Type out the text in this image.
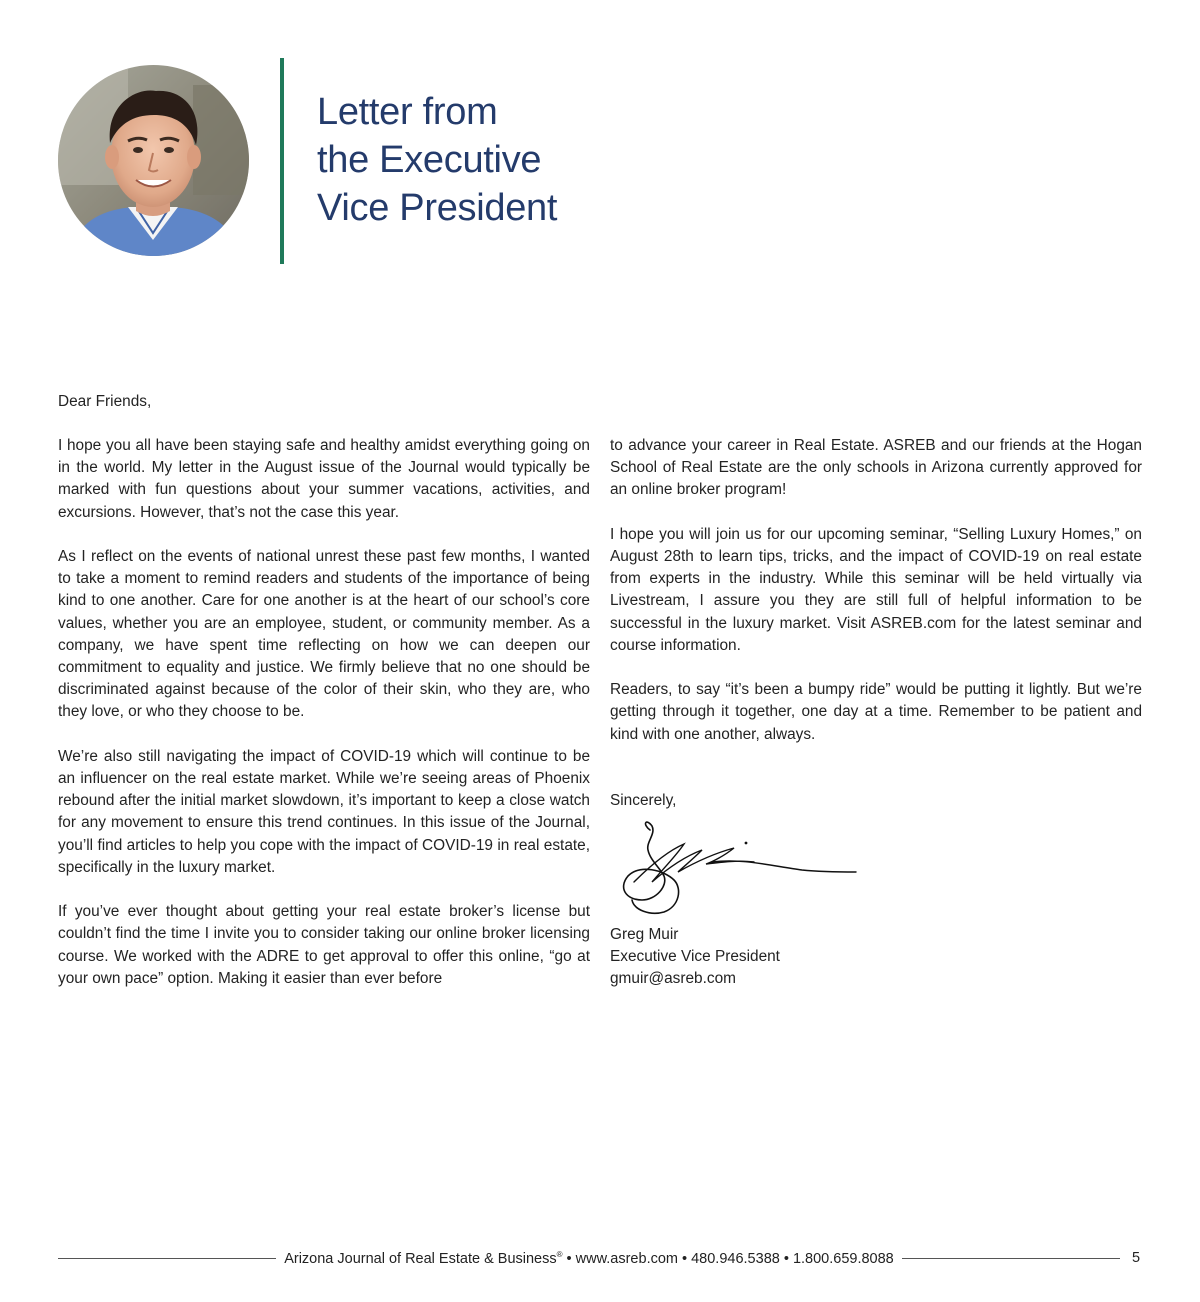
Letter from
the Executive
Vice President
Dear Friends,

I hope you all have been staying safe and healthy amidst everything going on in the world. My letter in the August issue of the Journal would typically be marked with fun questions about your summer vacations, activities, and excursions. However, that’s not the case this year.

As I reflect on the events of national unrest these past few months, I wanted to take a moment to remind readers and students of the importance of being kind to one another. Care for one another is at the heart of our school’s core values, whether you are an employee, student, or community member. As a company, we have spent time reflecting on how we can deepen our commitment to equality and justice. We firmly believe that no one should be discriminated against because of the color of their skin, who they are, who they love, or who they choose to be.

We’re also still navigating the impact of COVID-19 which will continue to be an influencer on the real estate market. While we’re seeing areas of Phoenix rebound after the initial market slowdown, it’s important to keep a close watch for any movement to ensure this trend continues. In this issue of the Journal, you’ll find articles to help you cope with the impact of COVID-19 in real estate, specifically in the luxury market.

If you’ve ever thought about getting your real estate broker’s license but couldn’t find the time I invite you to consider taking our online broker licensing course. We worked with the ADRE to get approval to offer this online, “go at your own pace” option. Making it easier than ever before

to advance your career in Real Estate. ASREB and our friends at the Hogan School of Real Estate are the only schools in Arizona currently approved for an online broker program!

I hope you will join us for our upcoming seminar, “Selling Luxury Homes,” on August 28th to learn tips, tricks, and the impact of COVID-19 on real estate from experts in the industry. While this seminar will be held virtually via Livestream, I assure you they are still full of helpful information to be successful in the luxury market. Visit ASREB.com for the latest seminar and course information.

Readers, to say “it’s been a bumpy ride” would be putting it lightly. But we’re getting through it together, one day at a time. Remember to be patient and kind with one another, always.

Sincerely,
Greg Muir
Executive Vice President
gmuir@asreb.com
Arizona Journal of Real Estate & Business® • www.asreb.com • 480.946.5388 • 1.800.659.8088	5
